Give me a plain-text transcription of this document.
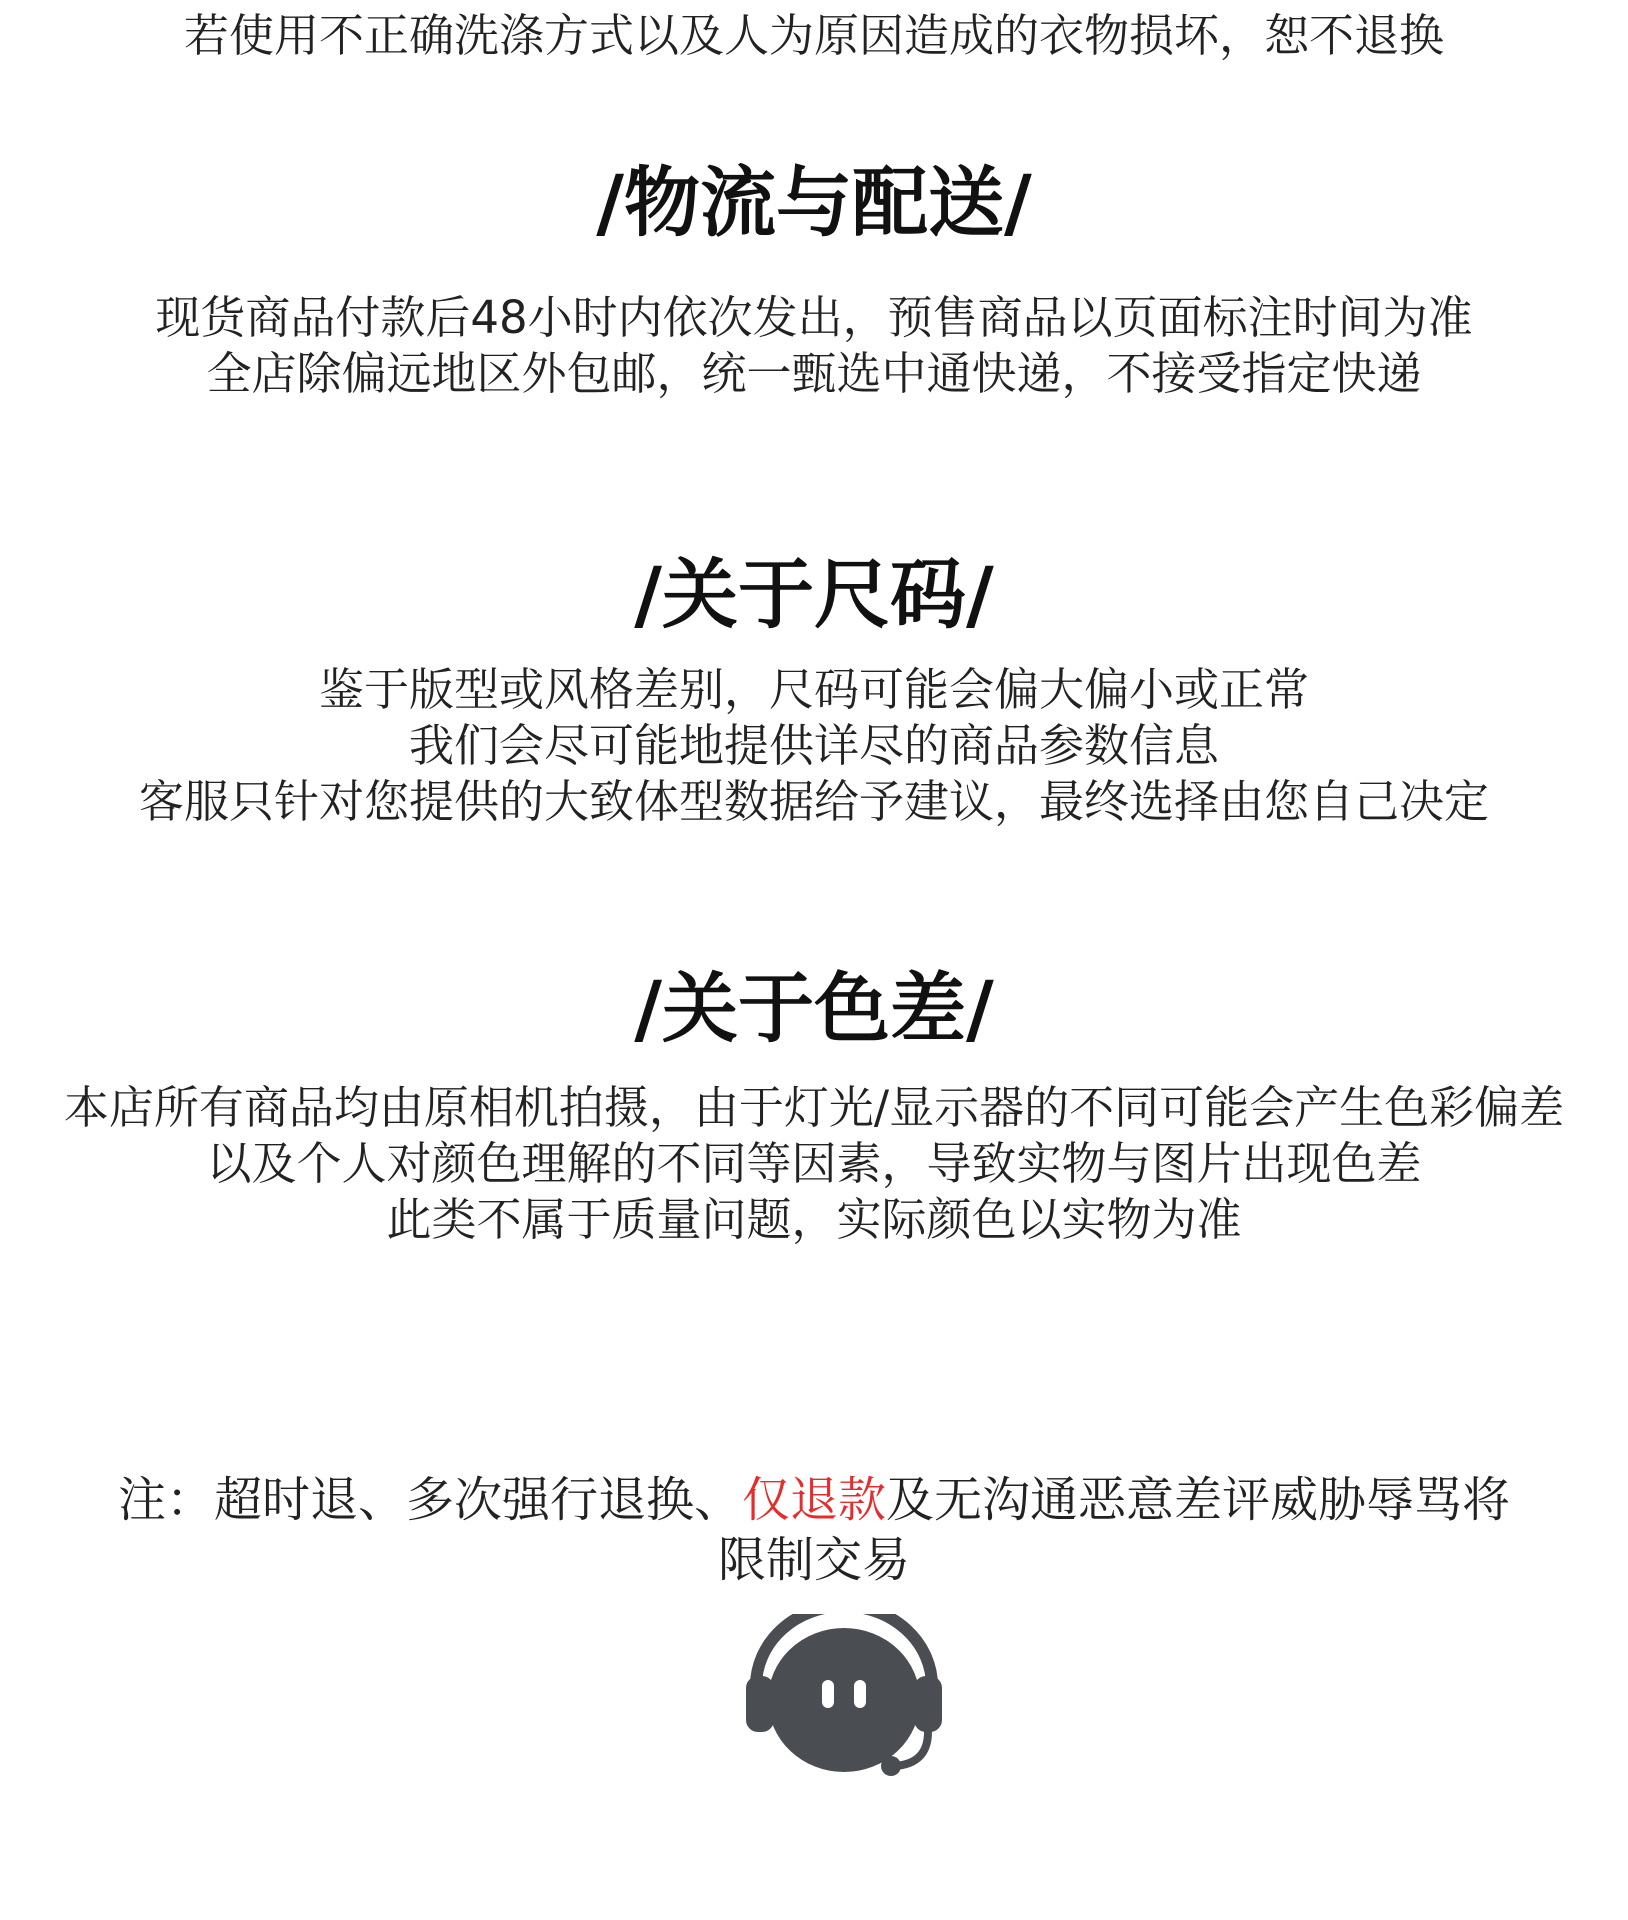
若使用不正确洗涤方式以及人为原因造成的衣物损坏，恕不退换
/物流与配送/
现货商品付款后48小时内依次发出，预售商品以页面标注时间为准
全店除偏远地区外包邮，统一甄选中通快递，不接受指定快递
/关于尺码/
鉴于版型或风格差别，尺码可能会偏大偏小或正常
我们会尽可能地提供详尽的商品参数信息
客服只针对您提供的大致体型数据给予建议，最终选择由您自己决定
/关于色差/
本店所有商品均由原相机拍摄，由于灯光/显示器的不同可能会产生色彩偏差
以及个人对颜色理解的不同等因素，导致实物与图片出现色差
此类不属于质量问题，实际颜色以实物为准
注：超时退、多次强行退换、仅退款及无沟通恶意差评威胁辱骂将
限制交易
